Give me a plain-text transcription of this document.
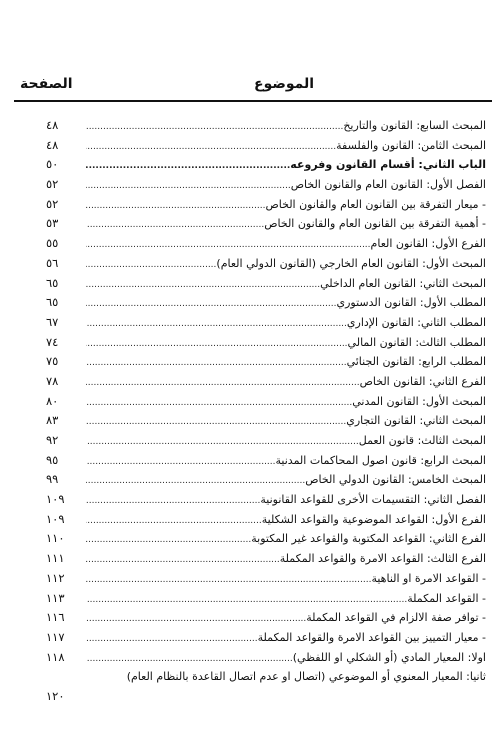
الموضوع
الصفحة
المبحث السابع: القانون والتاريخ .....
٤٨
المبحث الثامن: القانون والفلسفة .....
٤٨
الباب الثاني: أقسام القانون وفروعه .....
٥٠
الفصل الأول: القانون العام والقانون الخاص .....
٥٢
- ميعار التفرقة بين القانون العام والقانون الخاص .....
٥٢
- أهمية التفرقة بين القانون العام والقانون الخاص .....
٥٣
الفرع الأول: القانون العام .....
٥٥
المبحث الأول: القانون العام الخارجي (القانون الدولي العام) .....
٥٦
المبحث الثاني: القانون العام الداخلي .....
٦٥
المطلب الأول: القانون الدستوري .....
٦٥
المطلب الثاني: القانون الإداري .....
٦٧
المطلب الثالث: القانون المالي .....
٧٤
المطلب الرابع: القانون الجنائي .....
٧٥
الفرع الثاني: القانون الخاص .....
٧٨
المبحث الأول: القانون المدني .....
٨٠
المبحث الثاني: القانون التجاري .....
٨٣
المبحث الثالث: قانون العمل .....
٩٢
المبحث الرابع: قانون اصول المحاكمات المدنية .....
٩٥
المبحث الخامس: القانون الدولي الخاص .....
٩٩
الفصل الثاني: التقسيمات الأخرى للقواعد القانونية .....
١٠٩
الفرع الأول: القواعد الموضوعية والقواعد الشكلية .....
١٠٩
الفرع الثاني: القواعد المكتوبة والقواعد غير المكتوبة .....
١١٠
الفرع الثالث: القواعد الامرة والقواعد المكملة .....
١١١
- القواعد الامرة او الناهية .....
١١٢
- القواعد المكملة .....
١١٣
- توافر صفة الالزام في القواعد المكملة .....
١١٦
- معيار التمييز بين القواعد الامرة والقواعد المكملة .....
١١٧
اولا: المعيار المادي (أو الشكلي او اللفظي) .....
١١٨
ثانيا: المعيار المعنوي أو الموضوعي (اتصال او عدم اتصال القاعدة بالنظام العام)
١٢٠
